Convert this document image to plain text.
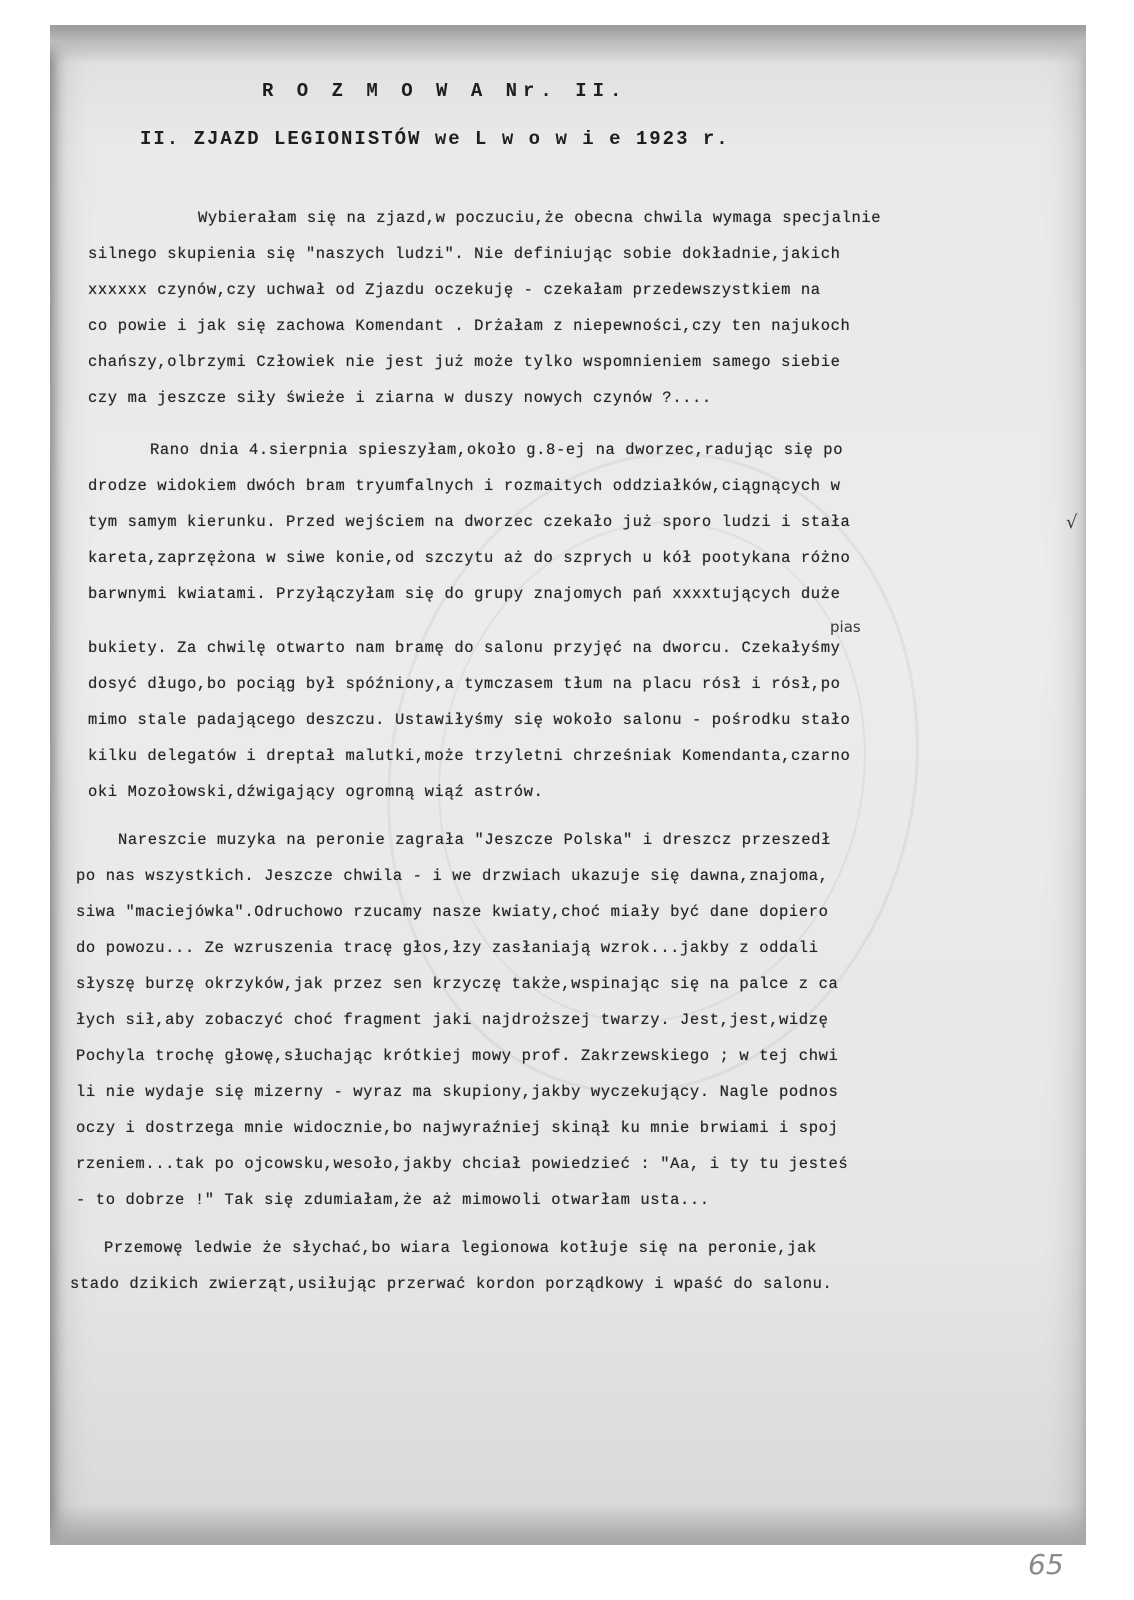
R O Z M O W A Nr. II.
II. ZJAZD LEGIONISTÓW we L w o w i e 1923 r.

Wybierałam się na zjazd,w poczuciu,że obecna chwila wymaga specjalnie

silnego skupienia się "naszych ludzi". Nie definiując sobie dokładnie,jakich

xxxxxx czynów,czy uchwał od Zjazdu oczekuję - czekałam przedewszystkiem na

co powie i jak się zachowa Komendant . Drżałam z niepewności,czy ten najukoch

chańszy,olbrzymi Człowiek nie jest już może tylko wspomnieniem samego siebie

czy ma jeszcze siły świeże i ziarna w duszy nowych czynów ?....

Rano dnia 4.sierpnia spieszyłam,około g.8-ej na dworzec,radując się po

drodze widokiem dwóch bram tryumfalnych i rozmaitych oddziałków,ciągnących w

tym samym kierunku. Przed wejściem na dworzec czekało już sporo ludzi i stała

kareta,zaprzężona w siwe konie,od szczytu aż do szprych u kół pootykana różno

barwnymi kwiatami. Przyłączyłam się do grupy znajomych pań xxxxtujących duże

bukiety. Za chwilę otwarto nam bramę do salonu przyjęć na dworcu. Czekałyśmy

dosyć długo,bo pociąg był spóźniony,a tymczasem tłum na placu rósł i rósł,po

mimo stale padającego deszczu. Ustawiłyśmy się wokoło salonu - pośrodku stało

kilku delegatów i dreptał malutki,może trzyletni chrześniak Komendanta,czarno

oki Mozołowski,dźwigający ogromną wiąź astrów.

Nareszcie muzyka na peronie zagrała "Jeszcze Polska" i dreszcz przeszedł

po nas wszystkich. Jeszcze chwila - i we drzwiach ukazuje się dawna,znajoma,

siwa "maciejówka".Odruchowo rzucamy nasze kwiaty,choć miały być dane dopiero

do powozu... Ze wzruszenia tracę głos,łzy zasłaniają wzrok...jakby z oddali

słyszę burzę okrzyków,jak przez sen krzyczę także,wspinając się na palce z ca

łych sił,aby zobaczyć choć fragment jaki najdroższej twarzy. Jest,jest,widzę

Pochyla trochę głowę,słuchając krótkiej mowy prof. Zakrzewskiego ; w tej chwi

li nie wydaje się mizerny - wyraz ma skupiony,jakby wyczekujący. Nagle podnos

oczy i dostrzega mnie widocznie,bo najwyraźniej skinął ku mnie brwiami i spoj

rzeniem...tak po ojcowsku,wesoło,jakby chciał powiedzieć : "Aa, i ty tu jesteś

- to dobrze !" Tak się zdumiałam,że aż mimowoli otwarłam usta...

Przemowę ledwie że słychać,bo wiara legionowa kotłuje się na peronie,jak

stado dzikich zwierząt,usiłując przerwać kordon porządkowy i wpaść do salonu.

pias

√

65
